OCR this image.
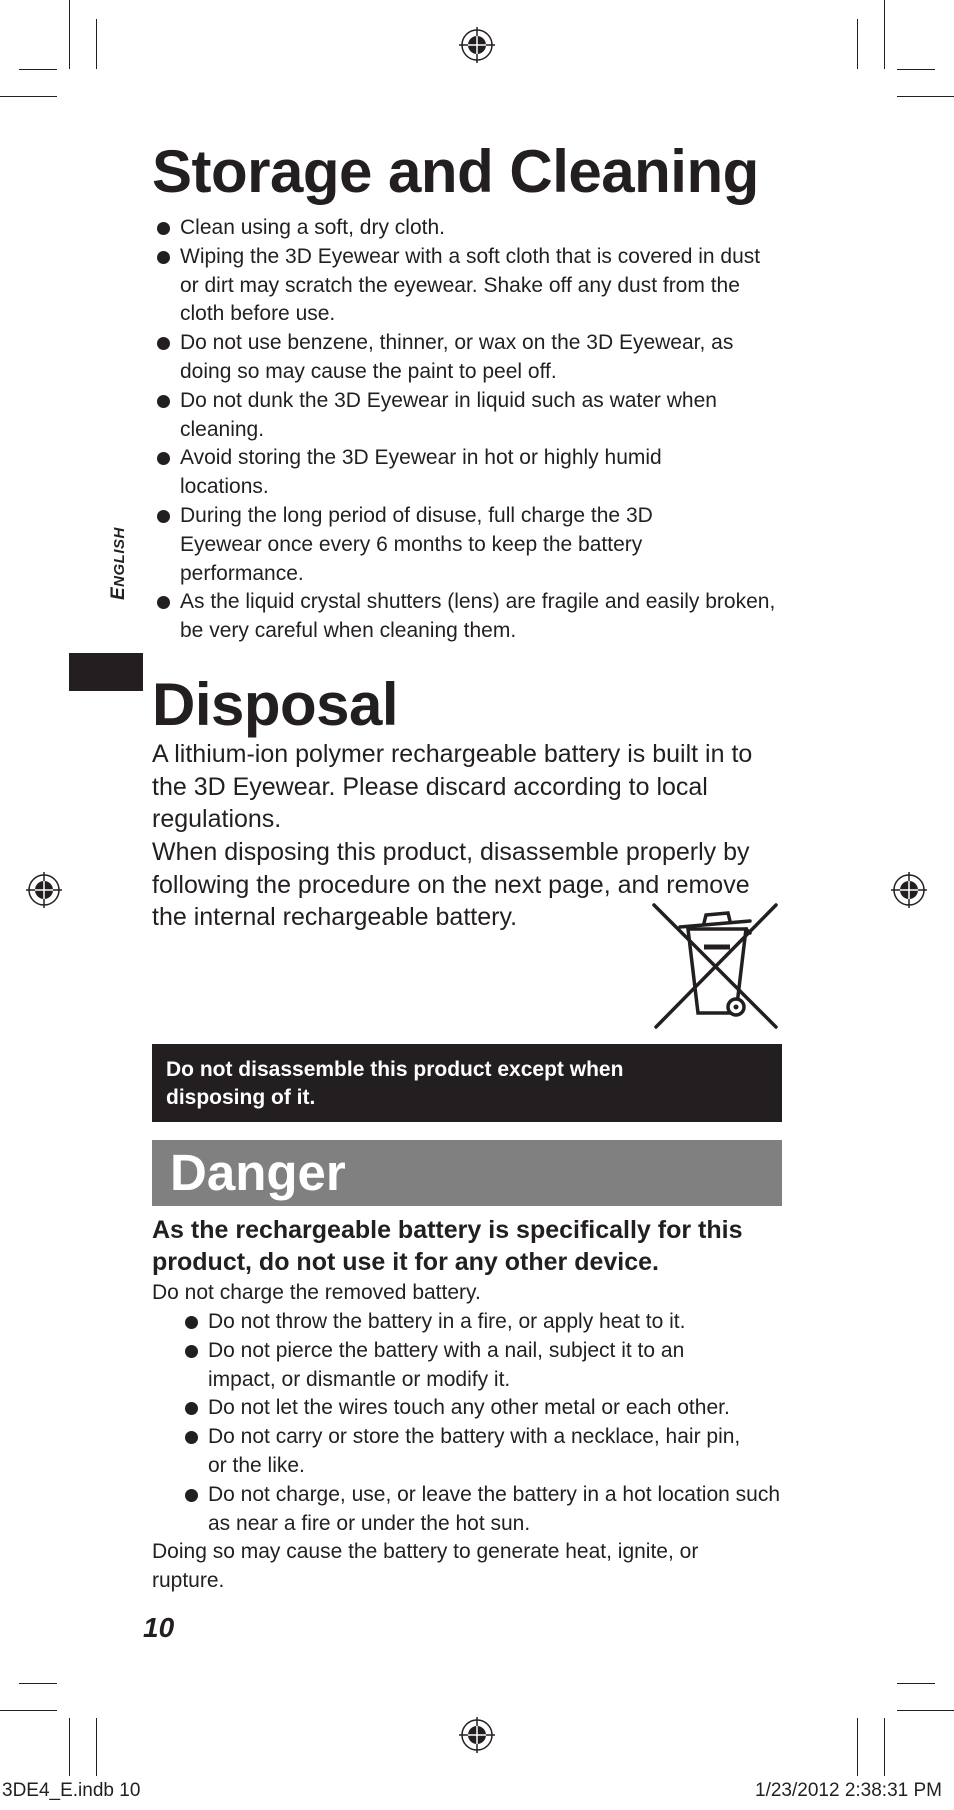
ENGLISH
Storage and Cleaning
Clean using a soft, dry cloth.
Wiping the 3D Eyewear with a soft cloth that is covered in dust or dirt may scratch the eyewear. Shake off any dust from the cloth before use.
Do not use benzene, thinner, or wax on the 3D Eyewear, as doing so may cause the paint to peel off.
Do not dunk the 3D Eyewear in liquid such as water when cleaning.
Avoid storing the 3D Eyewear in hot or highly humid locations.
During the long period of disuse, full charge the 3D Eyewear once every 6 months to keep the battery performance.
As the liquid crystal shutters (lens) are fragile and easily broken, be very careful when cleaning them.
Disposal

A lithium-ion polymer rechargeable battery is built in to the 3D Eyewear. Please discard according to local regulations.

When disposing this product, disassemble properly by following the procedure on the next page, and remove the internal rechargeable battery.

Do not disassemble this product except when disposing of it.
Danger
As the rechargeable battery is specifically for this product, do not use it for any other device.
Do not charge the removed battery.
Do not throw the battery in a fire, or apply heat to it.
Do not pierce the battery with a nail, subject it to an impact, or dismantle or modify it.
Do not let the wires touch any other metal or each other.
Do not carry or store the battery with a necklace, hair pin, or the like.
Do not charge, use, or leave the battery in a hot location such as near a fire or under the hot sun.
Doing so may cause the battery to generate heat, ignite, or rupture.
10
3DE4_E.indb 10	1/23/2012 2:38:31 PM
